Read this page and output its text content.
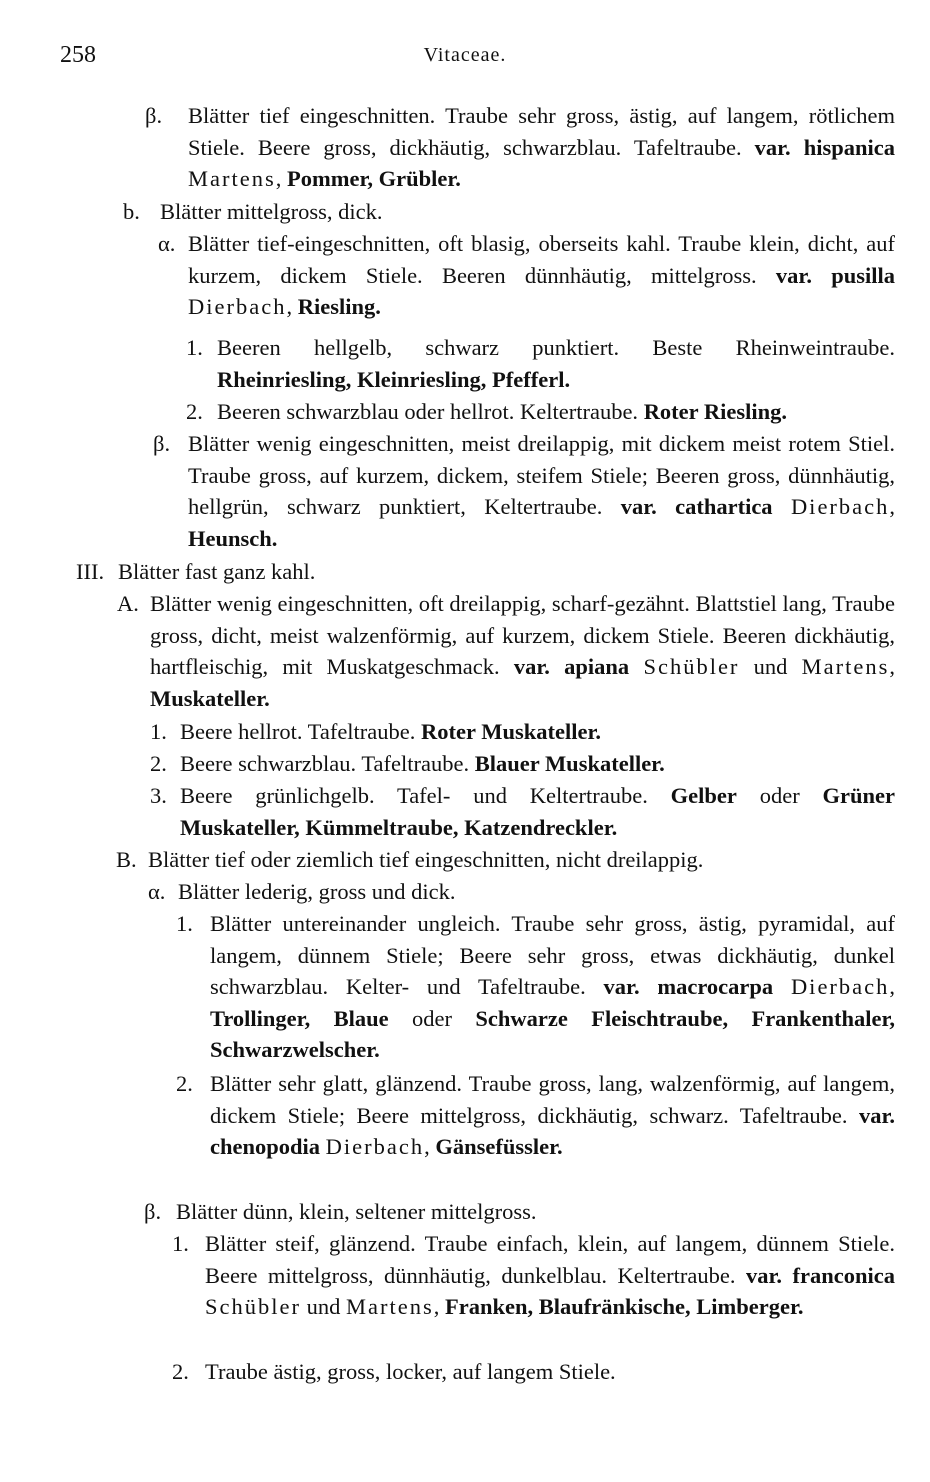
258	Vitaceae.
β. Blätter tief eingeschnitten. Traube sehr gross, ästig, auf langem, rötlichem Stiele. Beere gross, dickhäutig, schwarzblau. Tafeltraube. var. hispanica Martens, Pommer, Grübler.
b. Blätter mittelgross, dick.
α. Blätter tief-eingeschnitten, oft blasig, oberseits kahl. Traube klein, dicht, auf kurzem, dickem Stiele. Beeren dünnhäutig, mittelgross. var. pusilla Dierbach, Riesling.
1. Beeren hellgelb, schwarz punktiert. Beste Rheinweintraube. Rheinriesling, Kleinriesling, Pfefferl.
2. Beeren schwarzblau oder hellrot. Keltertraube. Roter Riesling.
β. Blätter wenig eingeschnitten, meist dreilappig, mit dickem meist rotem Stiel. Traube gross, auf kurzem, dickem, steifem Stiele; Beeren gross, dünnhäutig, hellgrün, schwarz punktiert, Keltertraube. var. cathartica Dierbach, Heunsch.
III. Blätter fast ganz kahl.
A. Blätter wenig eingeschnitten, oft dreilappig, scharf-gezähnt. Blattstiel lang, Traube gross, dicht, meist walzenförmig, auf kurzem, dickem Stiele. Beeren dickhäutig, hartfleischig, mit Muskatgeschmack. var. apiana Schübler und Martens, Muskateller.
1. Beere hellrot. Tafeltraube. Roter Muskateller.
2. Beere schwarzblau. Tafeltraube. Blauer Muskateller.
3. Beere grünlichgelb. Tafel- und Keltertraube. Gelber oder Grüner Muskateller, Kümmeltraube, Katzendreckler.
B. Blätter tief oder ziemlich tief eingeschnitten, nicht dreilappig.
α. Blätter lederig, gross und dick.
1. Blätter untereinander ungleich. Traube sehr gross, ästig, pyramidal, auf langem, dünnem Stiele; Beere sehr gross, etwas dickhäutig, dunkel schwarzblau. Kelter- und Tafeltraube. var. macrocarpa Dierbach, Trollinger, Blaue oder Schwarze Fleischtraube, Frankenthaler, Schwarzwelscher.
2. Blätter sehr glatt, glänzend. Traube gross, lang, walzenförmig, auf langem, dickem Stiele; Beere mittelgross, dickhäutig, schwarz. Tafeltraube. var. chenopodia Dierbach, Gänsefüssler.
β. Blätter dünn, klein, seltener mittelgross.
1. Blätter steif, glänzend. Traube einfach, klein, auf langem, dünnem Stiele. Beere mittelgross, dünnhäutig, dunkelblau. Keltertraube. var. franconica Schübler und Martens, Franken, Blaufränkische, Limberger.
2. Traube ästig, gross, locker, auf langem Stiele.
